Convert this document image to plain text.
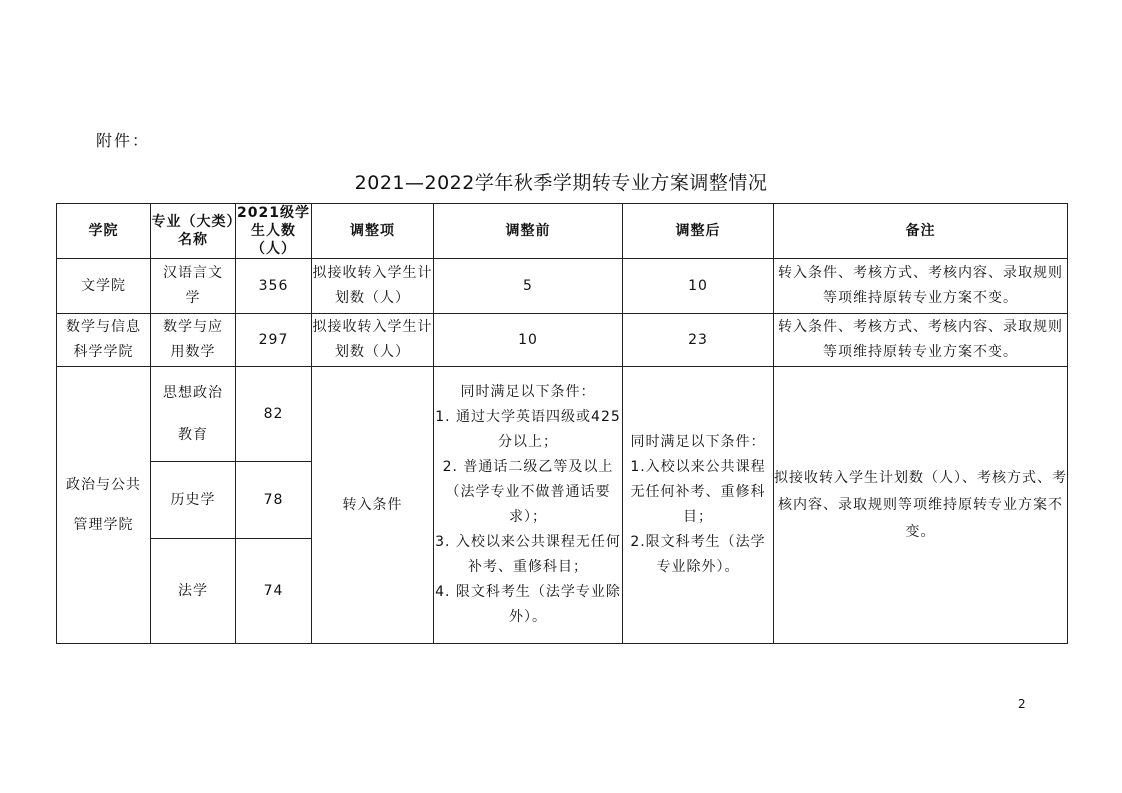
附件：
2021—2022学年秋季学期转专业方案调整情况
学院	专业（大类）名称	2021级学生人数（人）	调整项	调整前	调整后	备注
文学院	汉语言文学	356	拟接收转入学生计划数（人）	5	10	转入条件、考核方式、考核内容、录取规则等项维持原转专业方案不变。
数学与信息科学学院	数学与应用数学	297	拟接收转入学生计划数（人）	10	23	转入条件、考核方式、考核内容、录取规则等项维持原转专业方案不变。
政治与公共管理学院	思想政治教育	82	转入条件	同时满足以下条件：
1. 通过大学英语四级或425分以上；
2. 普通话二级乙等及以上（法学专业不做普通话要求）；
3. 入校以来公共课程无任何补考、重修科目；
4. 限文科考生（法学专业除外）。	同时满足以下条件：
1.入校以来公共课程无任何补考、重修科目；
2.限文科考生（法学专业除外）。	拟接收转入学生计划数（人）、考核方式、考核内容、录取规则等项维持原转专业方案不变。
	历史学	78				
	法学	74				
2
